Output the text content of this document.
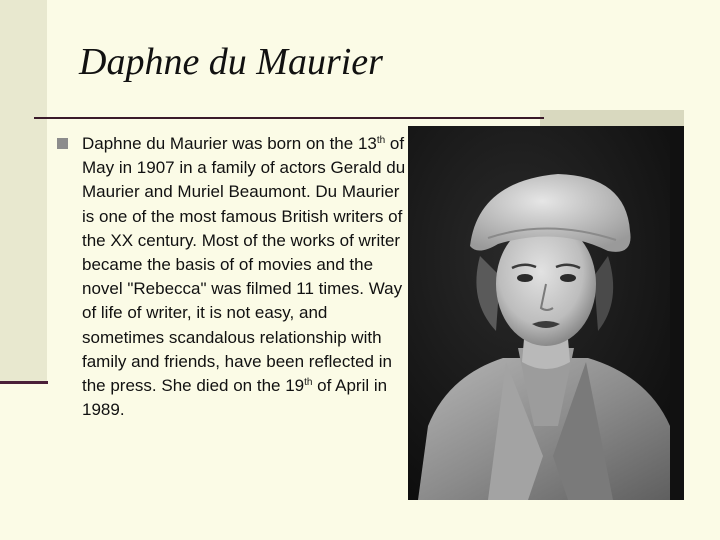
Daphne du Maurier
Daphne du Maurier was born on the 13th of May in 1907 in a family of actors Gerald du Maurier and Muriel Beaumont. Du Maurier is one of the most famous British writers of the XX century. Most of the works of writer became the basis of of movies and the novel "Rebecca" was filmed 11 times. Way of life of writer, it is not easy, and sometimes scandalous relationship with family and friends, have been reflected in the press. She died on the 19th of April in 1989.
